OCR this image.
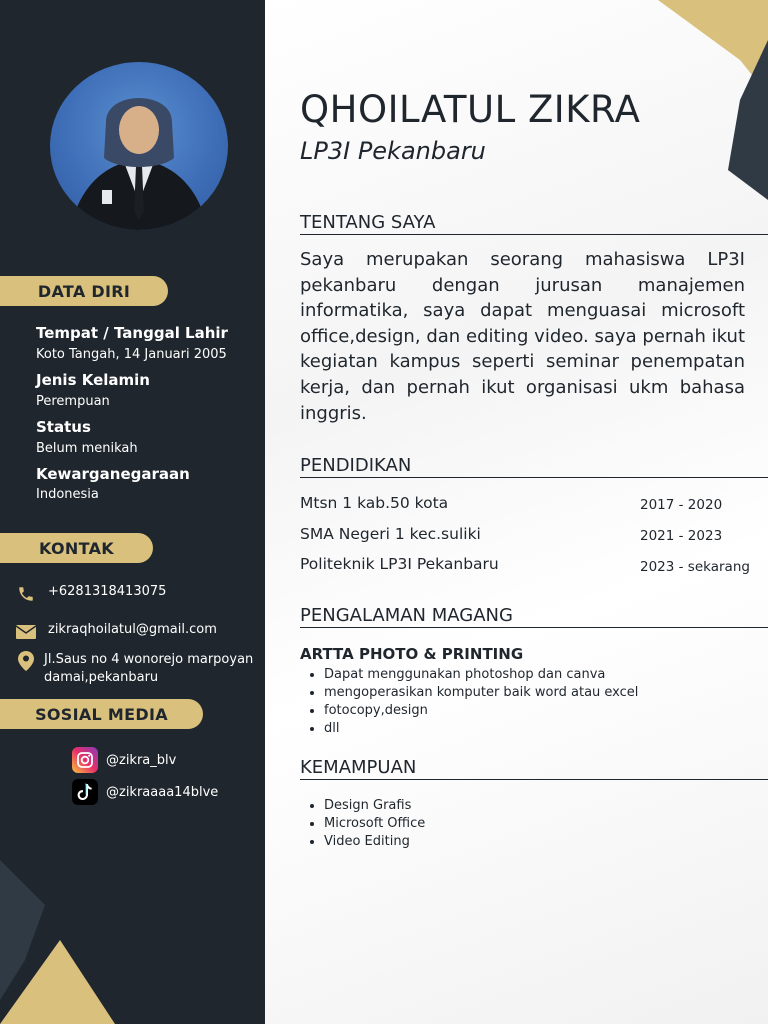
DATA DIRI
Tempat / Tanggal Lahir
Koto Tangah, 14 Januari 2005
Jenis Kelamin
Perempuan
Status
Belum menikah
Kewarganegaraan
Indonesia
KONTAK
+6281318413075
zikraqhoilatul@gmail.com
Jl.Saus no 4 wonorejo marpoyan damai,pekanbaru
SOSIAL MEDIA
@zikra_blv
@zikraaaa14blve
QHOILATUL ZIKRA
LP3I Pekanbaru
TENTANG SAYA
Saya merupakan seorang mahasiswa LP3I pekanbaru dengan jurusan manajemen informatika, saya dapat menguasai microsoft office,design, dan editing video. saya pernah ikut kegiatan kampus seperti seminar penempatan kerja, dan pernah ikut organisasi ukm bahasa inggris.
PENDIDIKAN
Mtsn 1 kab.50 kota	2017 - 2020
SMA Negeri 1 kec.suliki	2021 - 2023
Politeknik LP3I Pekanbaru	2023 - sekarang
PENGALAMAN MAGANG
ARTTA PHOTO & PRINTING
• Dapat menggunakan photoshop dan canva
• mengoperasikan komputer baik word atau excel
• fotocopy,design
• dll
KEMAMPUAN
• Design Grafis
• Microsoft Office
• Video Editing
